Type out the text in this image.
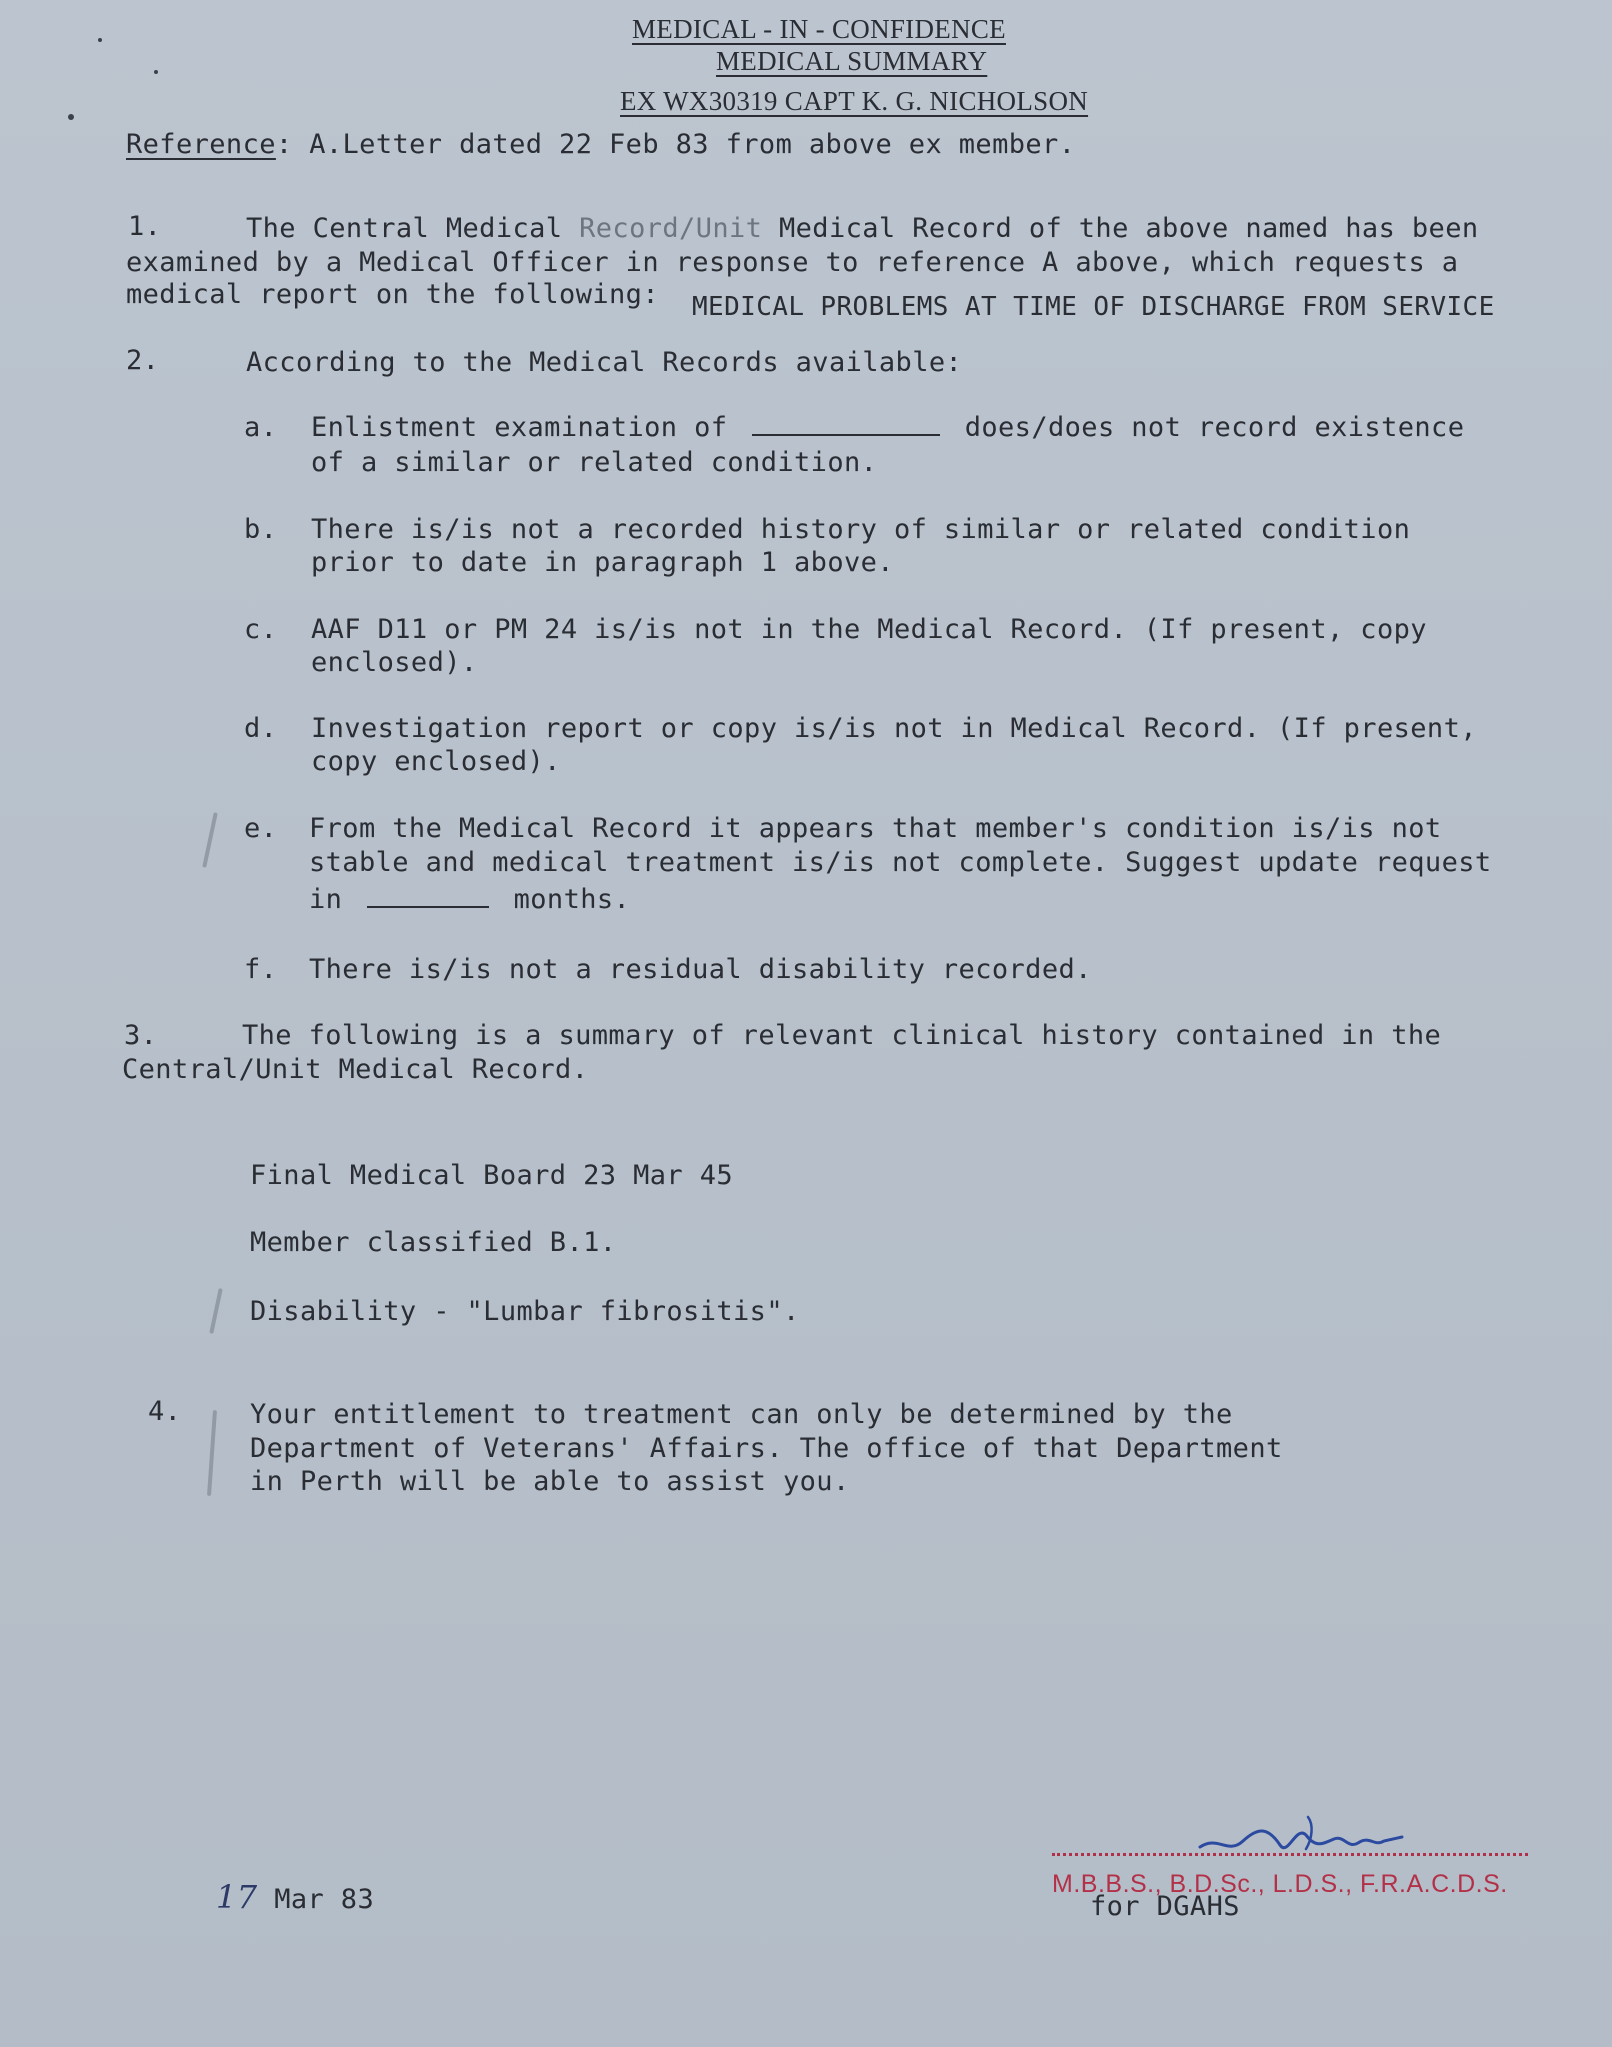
MEDICAL - IN - CONFIDENCE
MEDICAL SUMMARY
EX WX30319 CAPT K. G. NICHOLSON
Reference: A.Letter dated 22 Feb 83 from above ex member.
1.	The Central Medical Record/Unit Medical Record of the above named has been
examined by a Medical Officer in response to reference A above, which requests a
medical report on the following: MEDICAL PROBLEMS AT TIME OF DISCHARGE FROM SERVICE
2.	According to the Medical Records available:
a. Enlistment examination of	does/does not record existence
of a similar or related condition.
b. There is/is not a recorded history of similar or related condition
prior to date in paragraph 1 above.
c. AAF D11 or PM 24 is/is not in the Medical Record. (If present, copy
enclosed).
d. Investigation report or copy is/is not in Medical Record. (If present,
copy enclosed).
e. From the Medical Record it appears that member's condition is/is not
stable and medical treatment is/is not complete. Suggest update request
in	months.
f. There is/is not a residual disability recorded.
3.	The following is a summary of relevant clinical history contained in the
Central/Unit Medical Record.
Final Medical Board 23 Mar 45
Member classified B.1.
Disability - "Lumbar fibrositis".
4.	Your entitlement to treatment can only be determined by the
Department of Veterans' Affairs. The office of that Department
in Perth will be able to assist you.
17 Mar 83	M.B.B.S., B.D.Sc., L.D.S., F.R.A.C.D.S.
for DGAHS
